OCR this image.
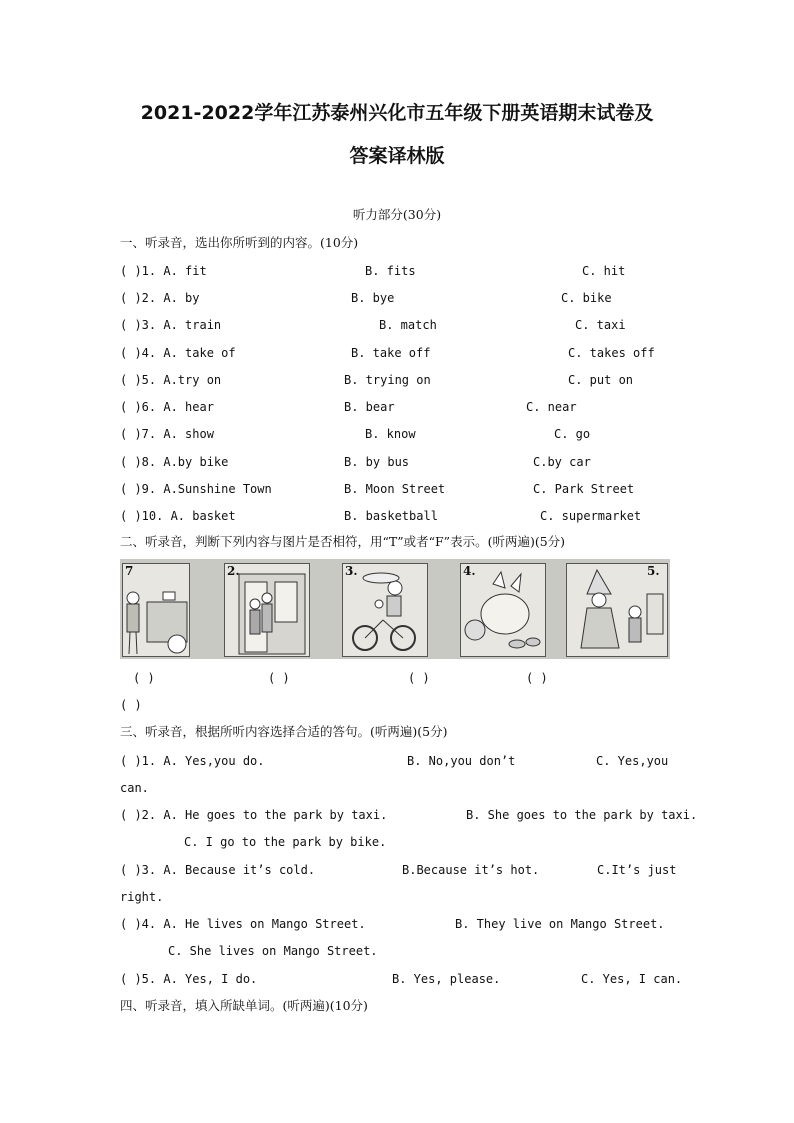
2021-2022学年江苏泰州兴化市五年级下册英语期末试卷及
答案译林版
听力部分(30分)
一、听录音，选出你所听到的内容。(10分)
( )1. A. fit	B. fits	C. hit
( )2. A. by	B. bye	C. bike
( )3. A. train	B. match	C. taxi
( )4. A. take of	B. take off	C. takes off
( )5. A.try on	B. trying on	C. put on
( )6. A. hear	B. bear	C. near
( )7. A. show	B. know	C. go
( )8. A.by bike	B. by bus	C.by car
( )9. A.Sunshine Town	B. Moon Street	C. Park Street
( )10. A. basket	B. basketball	C. supermarket
二、听录音，判断下列内容与图片是否相符，用“T”或者“F”表示。(听两遍)(5分)
7	2.	3.	4.	5.
( )	( )	( )	( )
( )
三、听录音，根据所听内容选择合适的答句。(听两遍)(5分)
( )1. A. Yes,you do.	B. No,you don’t	C. Yes,you
can.
( )2. A. He goes to the park by taxi.	B. She goes to the park by taxi.
C. I go to the park by bike.
( )3. A. Because it’s cold.	B.Because it’s hot.	C.It’s just
right.
( )4. A. He lives on Mango Street.	B. They live on Mango Street.
C. She lives on Mango Street.
( )5. A. Yes, I do.	B. Yes, please.	C. Yes, I can.
四、听录音，填入所缺单词。(听两遍)(10分)
